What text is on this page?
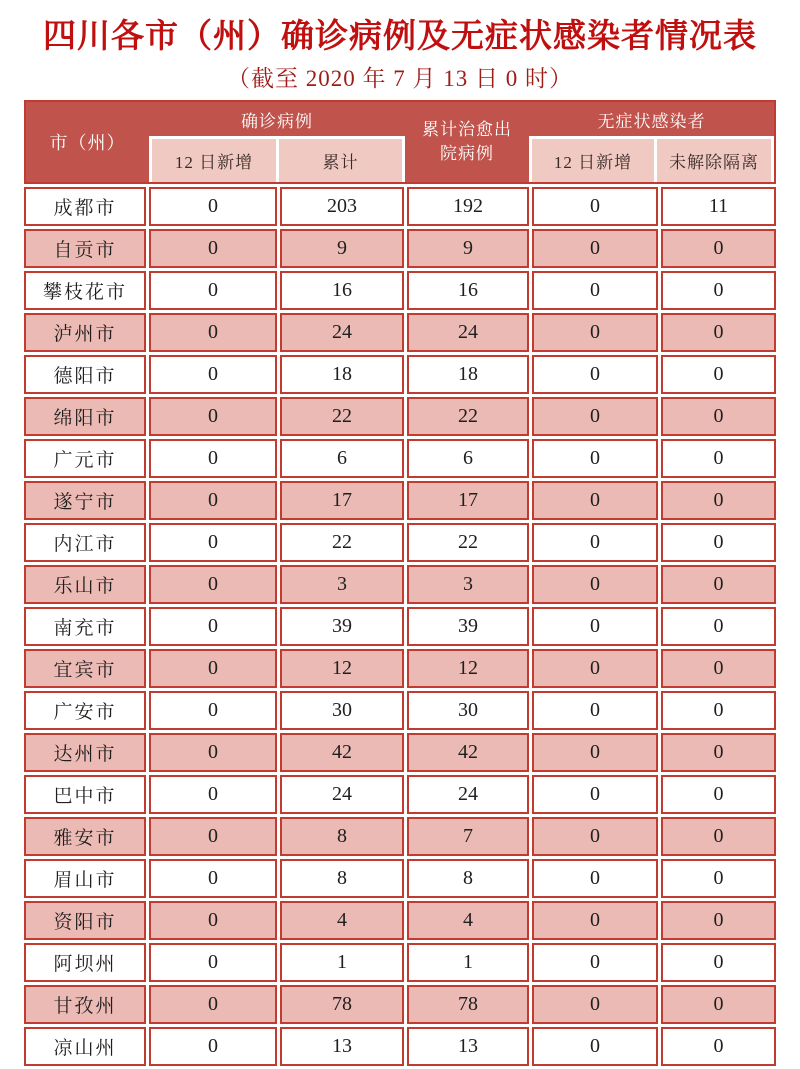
四川各市（州）确诊病例及无症状感染者情况表
（截至 2020 年 7 月 13 日 0 时）
市（州）
确诊病例	累计治愈出院病例
无症状感染者
12 日新增	累计	12 日新增	未解除隔离
成都市	0	203	192	0	11
自贡市	0	9	9	0	0
攀枝花市	0	16	16	0	0
泸州市	0	24	24	0	0
德阳市	0	18	18	0	0
绵阳市	0	22	22	0	0
广元市	0	6	6	0	0
遂宁市	0	17	17	0	0
内江市	0	22	22	0	0
乐山市	0	3	3	0	0
南充市	0	39	39	0	0
宜宾市	0	12	12	0	0
广安市	0	30	30	0	0
达州市	0	42	42	0	0
巴中市	0	24	24	0	0
雅安市	0	8	7	0	0
眉山市	0	8	8	0	0
资阳市	0	4	4	0	0
阿坝州	0	1	1	0	0
甘孜州	0	78	78	0	0
凉山州	0	13	13	0	0
